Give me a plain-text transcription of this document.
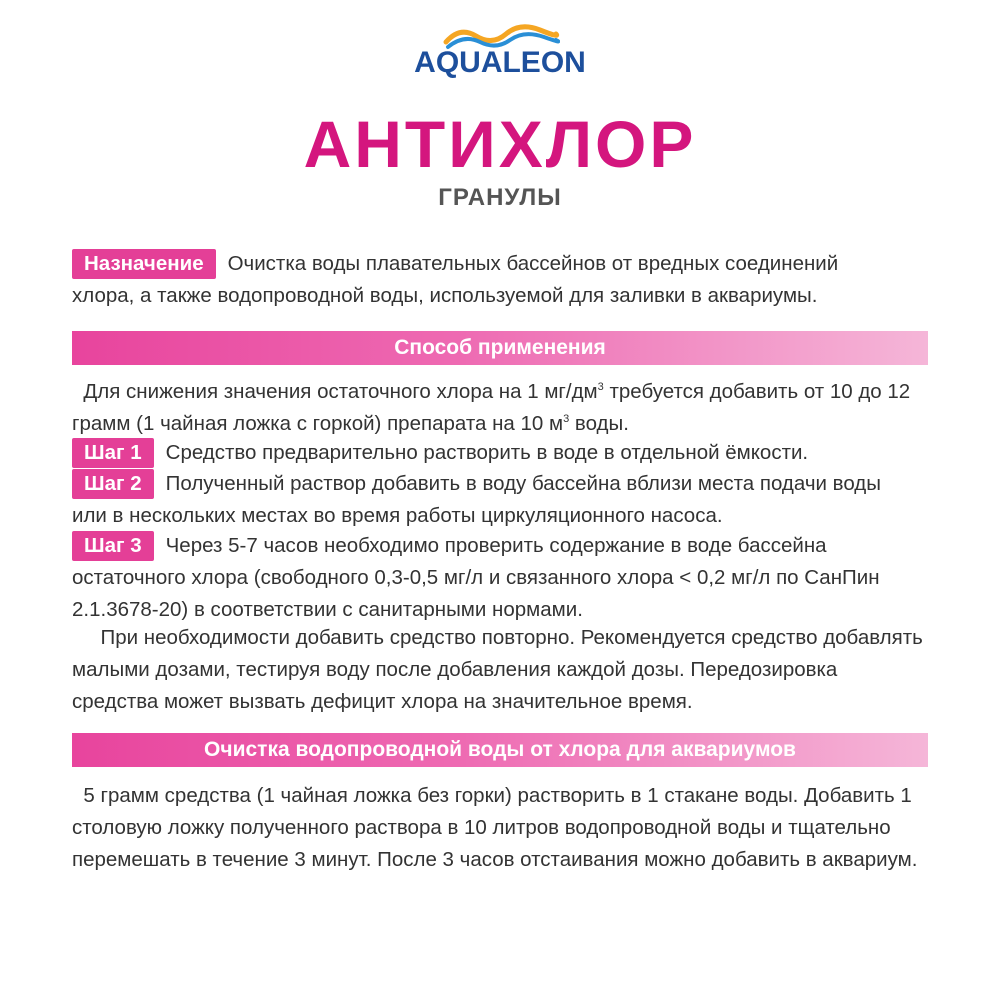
AQUALEON
АНТИХЛОР
ГРАНУЛЫ
Назначение Очистка воды плавательных бассейнов от вредных соединений
хлора, а также водопроводной воды, используемой для заливки в аквариумы.
Способ применения
Для снижения значения остаточного хлора на 1 $мг/дм^3$ требуется добавить от 10 до 12
грамм (1 чайная ложка с горкой) препарата на 10 $м^3$ воды.
Шаг 1 Средство предварительно растворить в воде в отдельной ёмкости.
Шаг 2 Полученный раствор добавить в воду бассейна вблизи места подачи воды
или в нескольких местах во время работы циркуляционного насоса.
Шаг 3 Через 5-7 часов необходимо проверить содержание в воде бассейна
остаточного хлора (свободного 0,3-0,5 мг/л и связанного хлора < 0,2 мг/л по СанПин
2.1.3678-20) в соответствии с санитарными нормами.
При необходимости добавить средство повторно. Рекомендуется средство добавлять
малыми дозами, тестируя воду после добавления каждой дозы. Передозировка
средства может вызвать дефицит хлора на значительное время.
Очистка водопроводной воды от хлора для аквариумов
5 грамм средства (1 чайная ложка без горки) растворить в 1 стакане воды. Добавить 1
столовую ложку полученного раствора в 10 литров водопроводной воды и тщательно
перемешать в течение 3 минут. После 3 часов отстаивания можно добавить в аквариум.
